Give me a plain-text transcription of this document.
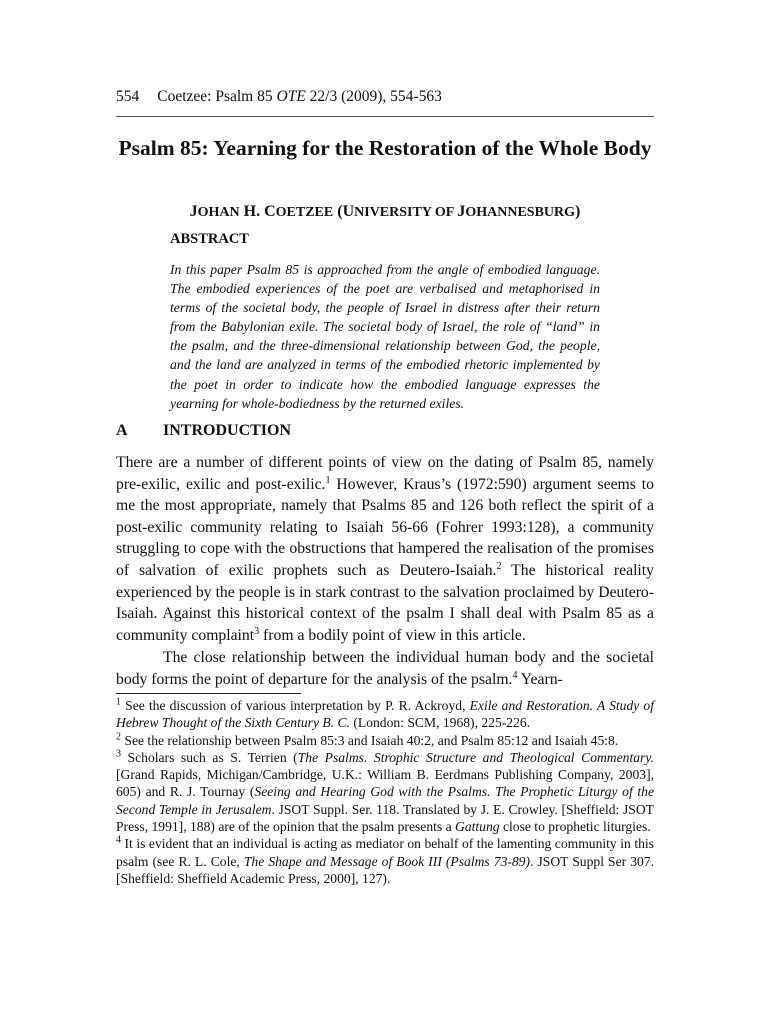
554 Coetzee: Psalm 85 OTE 22/3 (2009), 554-563
Psalm 85: Yearning for the Restoration of the Whole Body
JOHAN H. COETZEE (UNIVERSITY OF JOHANNESBURG)
ABSTRACT

In this paper Psalm 85 is approached from the angle of embodied language. The embodied experiences of the poet are verbalised and metaphorised in terms of the societal body, the people of Israel in distress after their return from the Babylonian exile. The societal body of Israel, the role of “land” in the psalm, and the three-dimensional relationship between God, the people, and the land are analyzed in terms of the embodied rhetoric implemented by the poet in order to indicate how the embodied language expresses the yearning for whole-bodiedness by the returned exiles.

A INTRODUCTION

There are a number of different points of view on the dating of Psalm 85, namely pre-exilic, exilic and post-exilic.$^1$ However, Kraus’s (1972:590) argument seems to me the most appropriate, namely that Psalms 85 and 126 both reflect the spirit of a post-exilic community relating to Isaiah 56-66 (Fohrer 1993:128), a community struggling to cope with the obstructions that hampered the realisation of the promises of salvation of exilic prophets such as Deutero-Isaiah.$^2$ The historical reality experienced by the people is in stark contrast to the salvation proclaimed by Deutero-Isaiah. Against this historical context of the psalm I shall deal with Psalm 85 as a community complaint$^3$ from a bodily point of view in this article.

The close relationship between the individual human body and the societal body forms the point of departure for the analysis of the psalm.$^4$ Yearn-

$^1$ See the discussion of various interpretation by P. R. Ackroyd, Exile and Restoration. A Study of Hebrew Thought of the Sixth Century B. C. (London: SCM, 1968), 225-226.

$^2$ See the relationship between Psalm 85:3 and Isaiah 40:2, and Psalm 85:12 and Isaiah 45:8.

$^3$ Scholars such as S. Terrien (The Psalms. Strophic Structure and Theological Commentary. [Grand Rapids, Michigan/Cambridge, U.K.: William B. Eerdmans Publishing Company, 2003], 605) and R. J. Tournay (Seeing and Hearing God with the Psalms. The Prophetic Liturgy of the Second Temple in Jerusalem. JSOT Suppl. Ser. 118. Translated by J. E. Crowley. [Sheffield: JSOT Press, 1991], 188) are of the opinion that the psalm presents a Gattung close to prophetic liturgies.

$^4$ It is evident that an individual is acting as mediator on behalf of the lamenting community in this psalm (see R. L. Cole, The Shape and Message of Book III (Psalms 73-89). JSOT Suppl Ser 307. [Sheffield: Sheffield Academic Press, 2000], 127).
